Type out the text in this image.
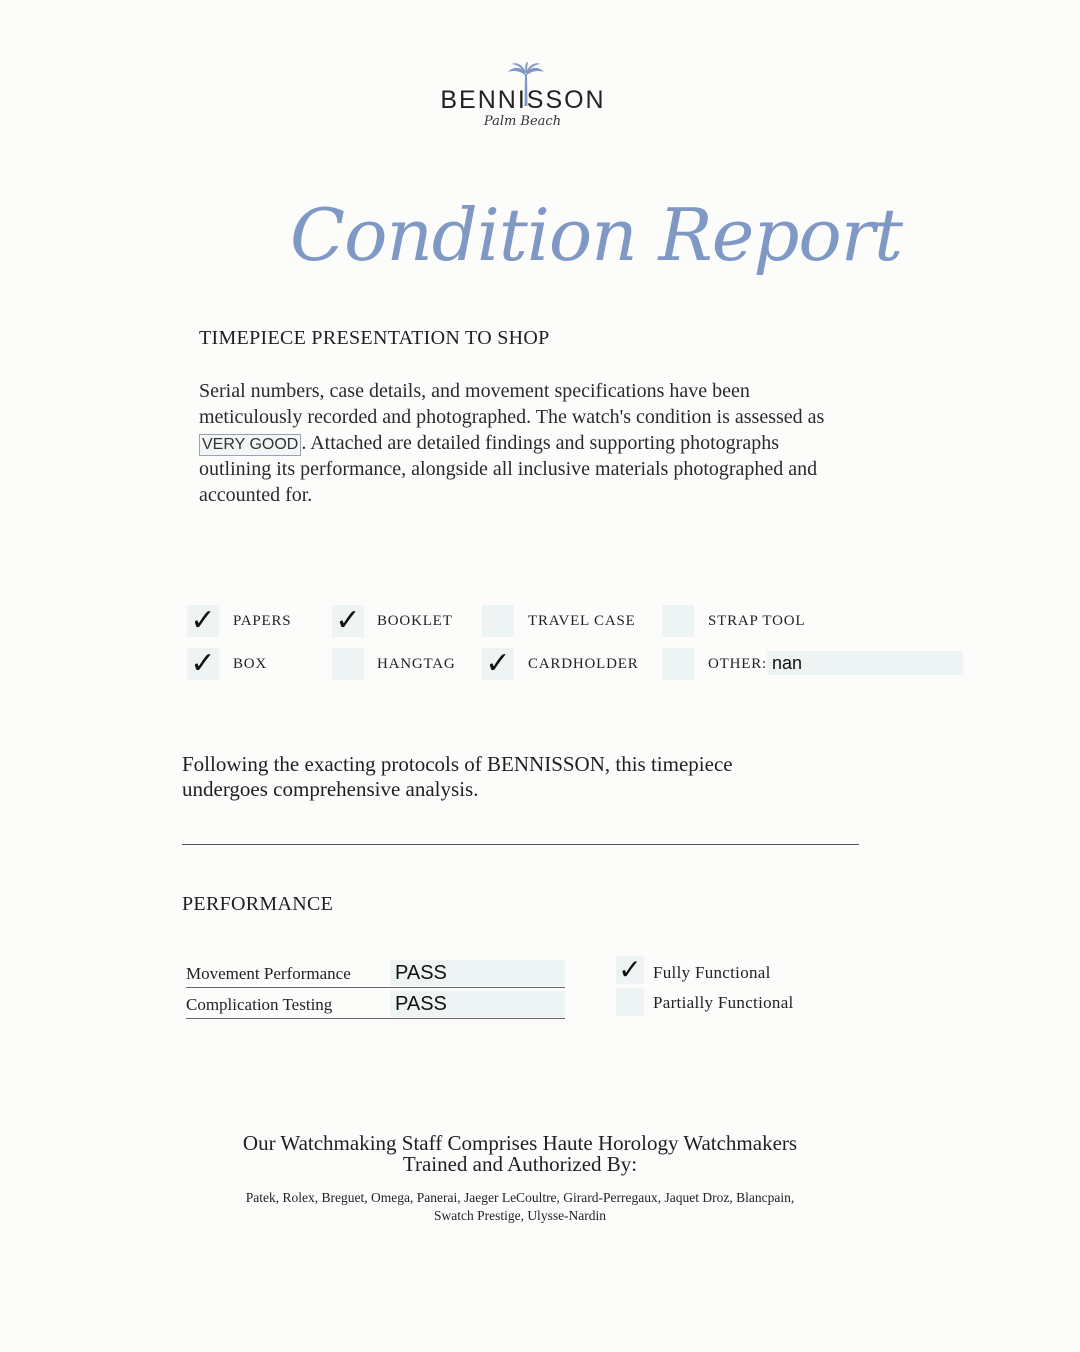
BENNISSON
Palm Beach
Condition Report
TIMEPIECE PRESENTATION TO SHOP
Serial numbers, case details, and movement specifications have been meticulously recorded and photographed. The watch's condition is assessed as VERY GOOD . Attached are detailed findings and supporting photographs outlining its performance, alongside all inclusive materials photographed and accounted for.
✓ PAPERS ✓ BOOKLET	TRAVEL CASE	STRAP TOOL
✓ BOX	HANGTAG ✓ CARDHOLDER	OTHER: nan
Following the exacting protocols of BENNISSON, this timepiece undergoes comprehensive analysis.
PERFORMANCE
Movement Performance PASS
Complication Testing	PASS
✓ Fully Functional
Partially Functional
Our Watchmaking Staff Comprises Haute Horology Watchmakers Trained and Authorized By:
Patek, Rolex, Breguet, Omega, Panerai, Jaeger LeCoultre, Girard-Perregaux, Jaquet Droz, Blancpain, Swatch Prestige, Ulysse-Nardin
